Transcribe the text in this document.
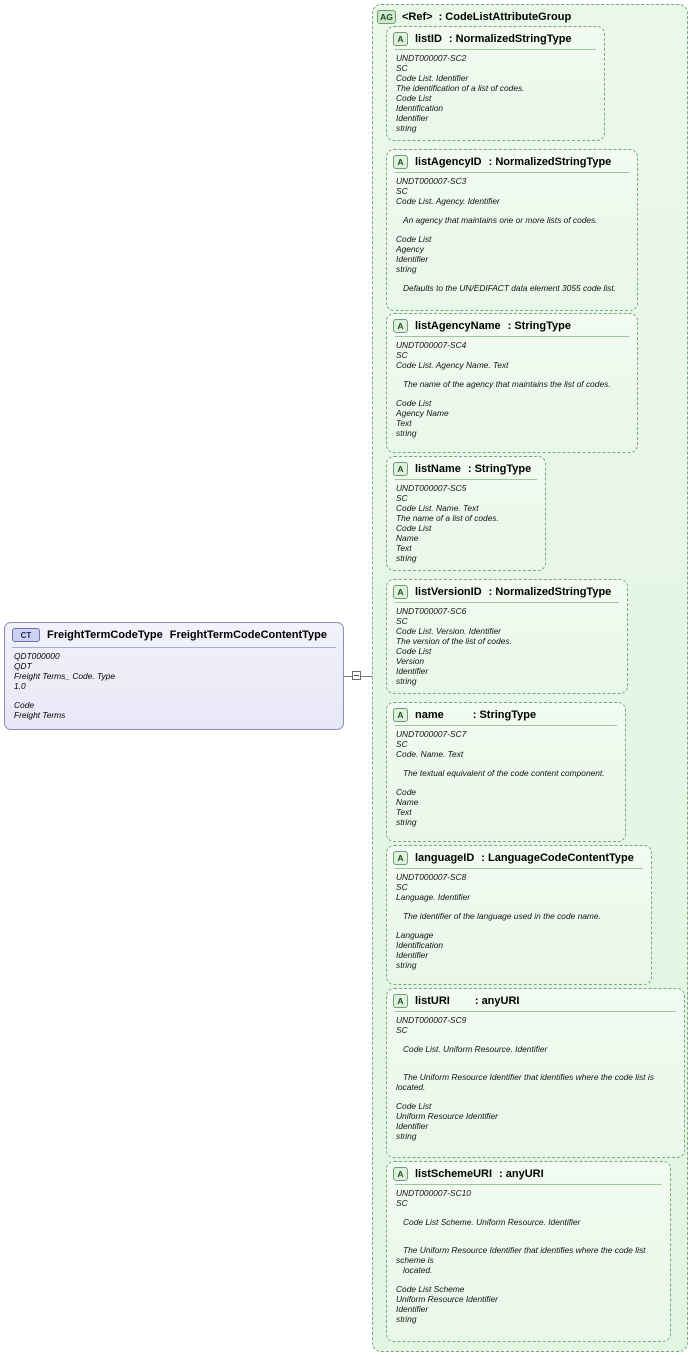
CT	FreightTermCodeType FreightTermCodeContentType
QDT000000
QDT
Freight Terms_ Code. Type
1.0
Code
Freight Terms
AG <Ref> : CodeListAttributeGroup
A	listID : NormalizedStringType
UNDT000007-SC2
SC
Code List. Identifier
The identification of a list of codes.
Code List
Identification
Identifier
string
A	listAgencyID : NormalizedStringType
UNDT000007-SC3
SC
Code List. Agency. Identifier
An agency that maintains one or more lists of codes.
Code List
Agency
Identifier
string
Defaults to the UN/EDIFACT data element 3055 code list.
A	listAgencyName : StringType
UNDT000007-SC4
SC
Code List. Agency Name. Text
The name of the agency that maintains the list of codes.
Code List
Agency Name
Text
string
A	listName : StringType
UNDT000007-SC5
SC
Code List. Name. Text
The name of a list of codes.
Code List
Name
Text
string
A	listVersionID : NormalizedStringType
UNDT000007-SC6
SC
Code List. Version. Identifier
The version of the list of codes.
Code List
Version
Identifier
string
A	name	: StringType
UNDT000007-SC7
SC
Code. Name. Text
The textual equivalent of the code content component.
Code
Name
Text
string
A	languageID : LanguageCodeContentType
UNDT000007-SC8
SC
Language. Identifier
The identifier of the language used in the code name.
Language
Identification
Identifier
string
A	listURI : anyURI
UNDT000007-SC9
SC
Code List. Uniform Resource. Identifier
The Uniform Resource Identifier that identifies where the code list is
located.
Code List
Uniform Resource Identifier
Identifier
string
A	listSchemeURI : anyURI
UNDT000007-SC10
SC
Code List Scheme. Uniform Resource. Identifier
The Uniform Resource Identifier that identifies where the code list
scheme is
located.
Code List Scheme
Uniform Resource Identifier
Identifier
string
